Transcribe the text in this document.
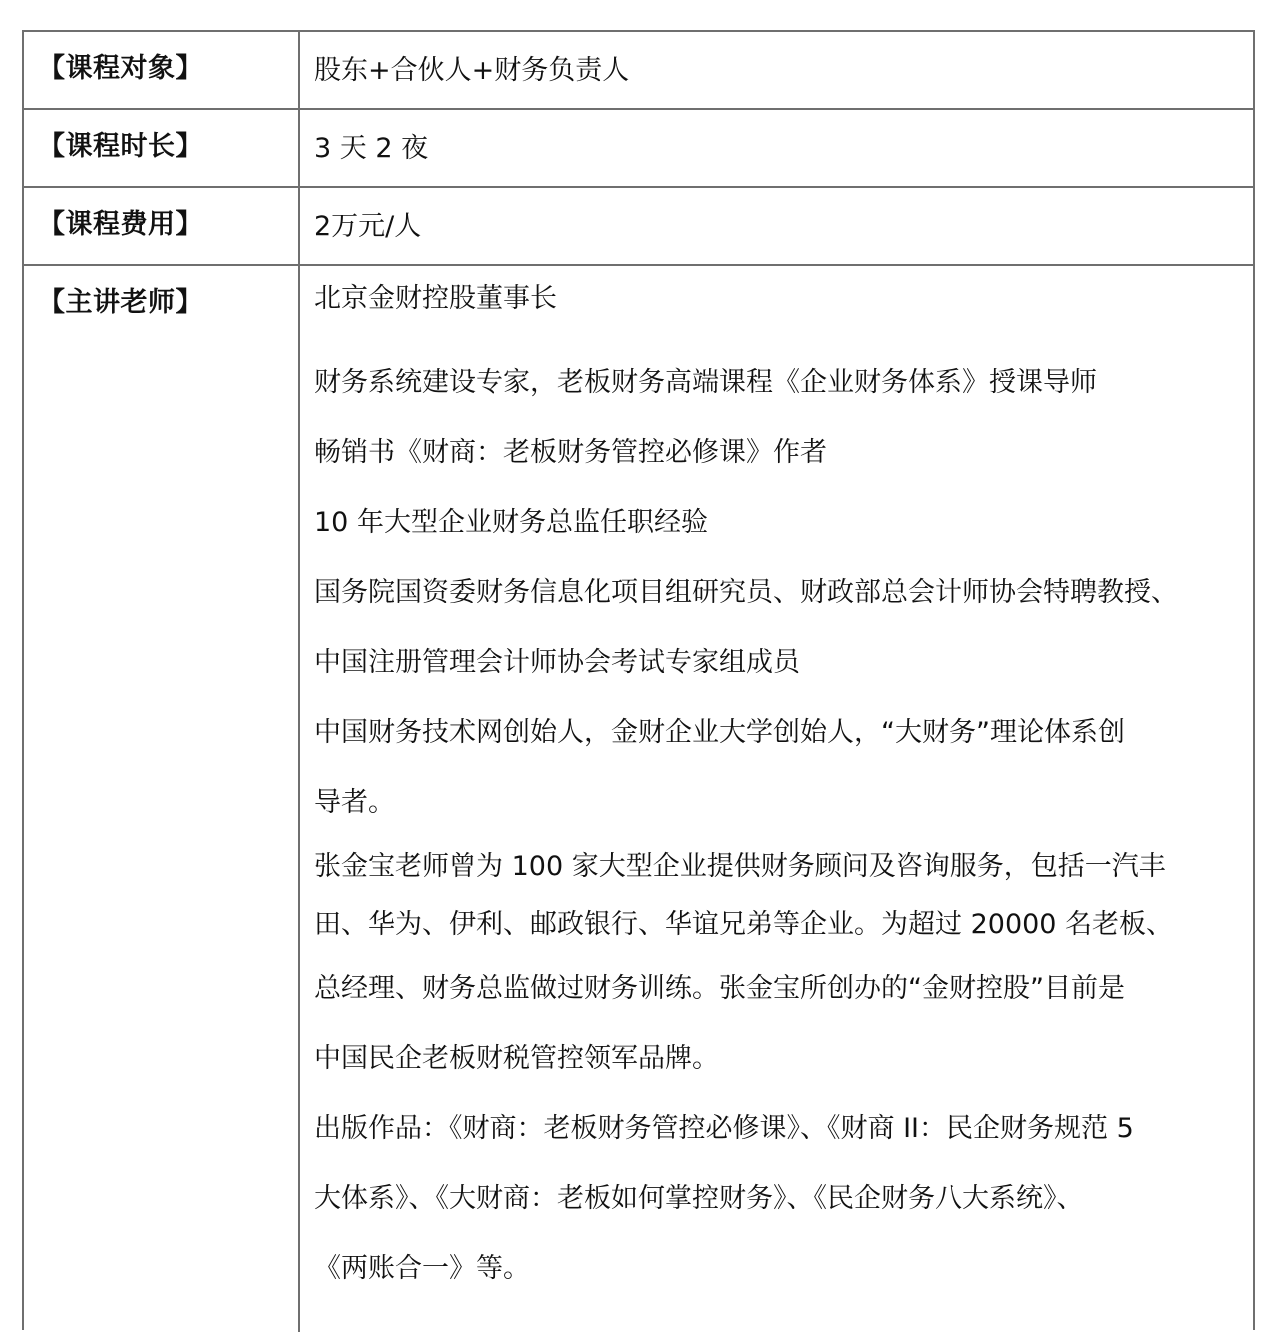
【课程对象】	股东+合伙人+财务负责人
【课程时长】	3 天 2 夜
【课程费用】	2万元/人
【主讲老师】	北京金财控股董事长

财务系统建设专家，老板财务高端课程《企业财务体系》授课导师

畅销书《财商：老板财务管控必修课》作者

10 年大型企业财务总监任职经验

国务院国资委财务信息化项目组研究员、财政部总会计师协会特聘教授、

中国注册管理会计师协会考试专家组成员

中国财务技术网创始人，金财企业大学创始人，“大财务”理论体系创

导者。

张金宝老师曾为 100 家大型企业提供财务顾问及咨询服务，包括一汽丰

田、华为、伊利、邮政银行、华谊兄弟等企业。为超过 20000 名老板、

总经理、财务总监做过财务训练。张金宝所创办的“金财控股”目前是

中国民企老板财税管控领军品牌。

出版作品：《财商：老板财务管控必修课》、《财商 II：民企财务规范 5

大体系》、《大财商：老板如何掌控财务》、《民企财务八大系统》、

《两账合一》等。
